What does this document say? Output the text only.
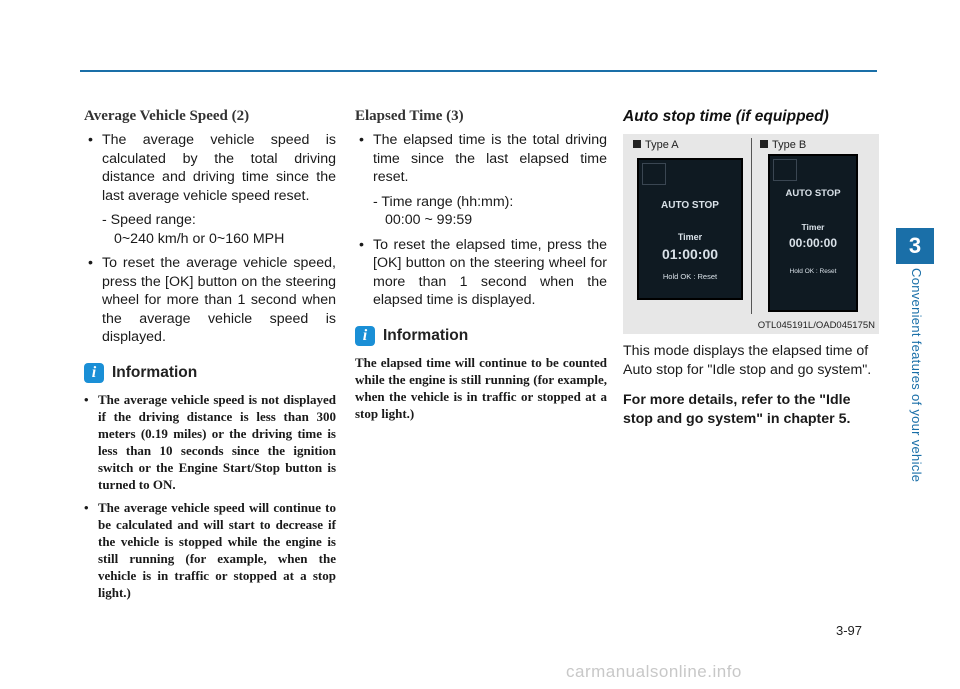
Average Vehicle Speed (2)
• The average vehicle speed is calculated by the total driving distance and driving time since the last average vehicle speed reset.
- Speed range:
0~240 km/h or 0~160 MPH
• To reset the average vehicle speed, press the [OK] button on the steering wheel for more than 1 second when the average vehicle speed is displayed.
i	Information
• The average vehicle speed is not displayed if the driving distance is less than 300 meters (0.19 miles) or the driving time is less than 10 seconds since the ignition switch or the Engine Start/Stop button is turned to ON.
• The average vehicle speed will continue to be calculated and will start to decrease if the vehicle is stopped while the engine is still running (for example, when the vehicle is in traffic or stopped at a stop light.)
Elapsed Time (3)
• The elapsed time is the total driving time since the last elapsed time reset.
- Time range (hh:mm):
00:00 ~ 99:59
• To reset the elapsed time, press the [OK] button on the steering wheel for more than 1 second when the elapsed time is displayed.
i	Information

The elapsed time will continue to be counted while the engine is still running (for example, when the vehicle is in traffic or stopped at a stop light.)

Auto stop time (if equipped)
Type A	Type B
AUTO STOP
Timer
01:00:00
Hold OK : Reset
AUTO STOP
Timer
00:00:00
Hold OK : Reset
OTL045191L/OAD045175N

This mode displays the elapsed time of Auto stop for "Idle stop and go system".

For more details, refer to the "Idle stop and go system" in chapter 5.

3
Convenient features of your vehicle
3-97
carmanualsonline.info
